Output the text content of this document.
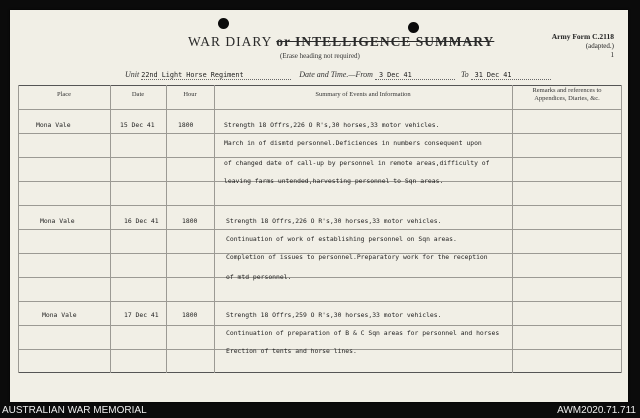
WAR DIARY or INTELLIGENCE SUMMARY
(Erase heading not required)
Army Form C.2118
(adapted.)
1
Unit 22nd Light Horse Regiment	Date and Time.—From 3 Dec 41	To 31 Dec 41
Place	Date	Hour	Summary of Events and Information
Remarks and references to Appendices, Diaries, &c.
Mona Vale	15 Dec 41	1800	Strength 18 Offrs,226 O R's,30 horses,33 motor vehicles.
March in of dismtd personnel.Deficiences in numbers consequent upon
of changed date of call-up by personnel in remote areas,difficulty of
leaving farms untended,harvesting personnel to Sqn areas.
Mona Vale	16 Dec 41	1800	Strength 18 Offrs,226 O R's,30 horses,33 motor vehicles.
Continuation of work of establishing personnel on Sqn areas.
Completion of issues to personnel.Preparatory work for the reception
of mtd personnel.
Mona Vale	17 Dec 41	1800	Strength 18 Offrs,259 O R's,30 horses,33 motor vehicles.
Continuation of preparation of B & C Sqn areas for personnel and horses
Erection of tents and horse lines.
AUSTRALIAN WAR MEMORIAL	AWM2020.71.711
